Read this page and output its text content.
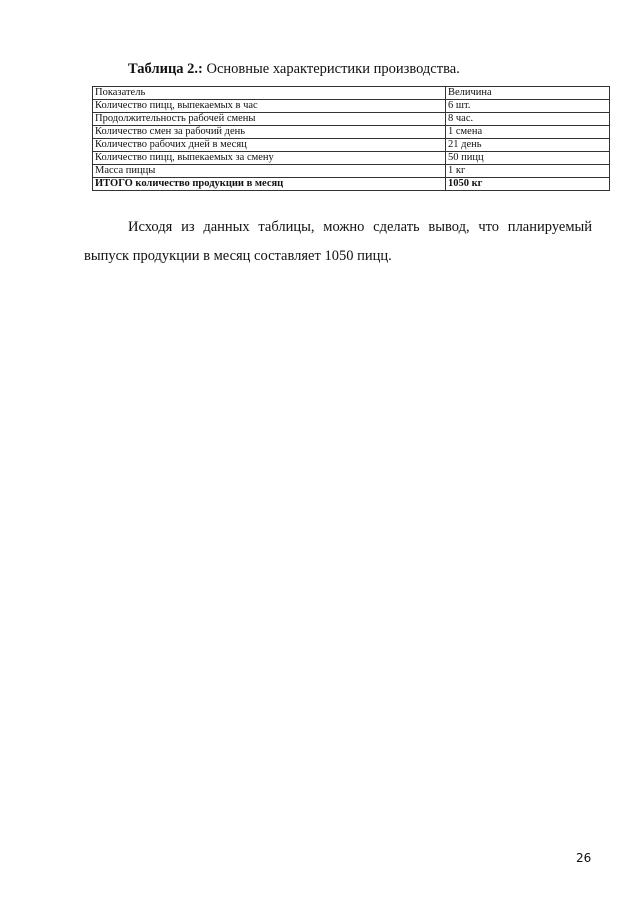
Таблица 2.: Основные характеристики производства.
Показатель	Величина
Количество пицц, выпекаемых в час	6 шт.
Продолжительность рабочей смены	8 час.
Количество смен за рабочий день	1 смена
Количество рабочих дней в месяц	21 день
Количество пицц, выпекаемых за смену	50 пицц
Масса пиццы	1 кг
ИТОГО количество продукции в месяц	1050 кг
Исходя из данных таблицы, можно сделать вывод, что планируемый
выпуск продукции в месяц составляет 1050 пицц.
26
